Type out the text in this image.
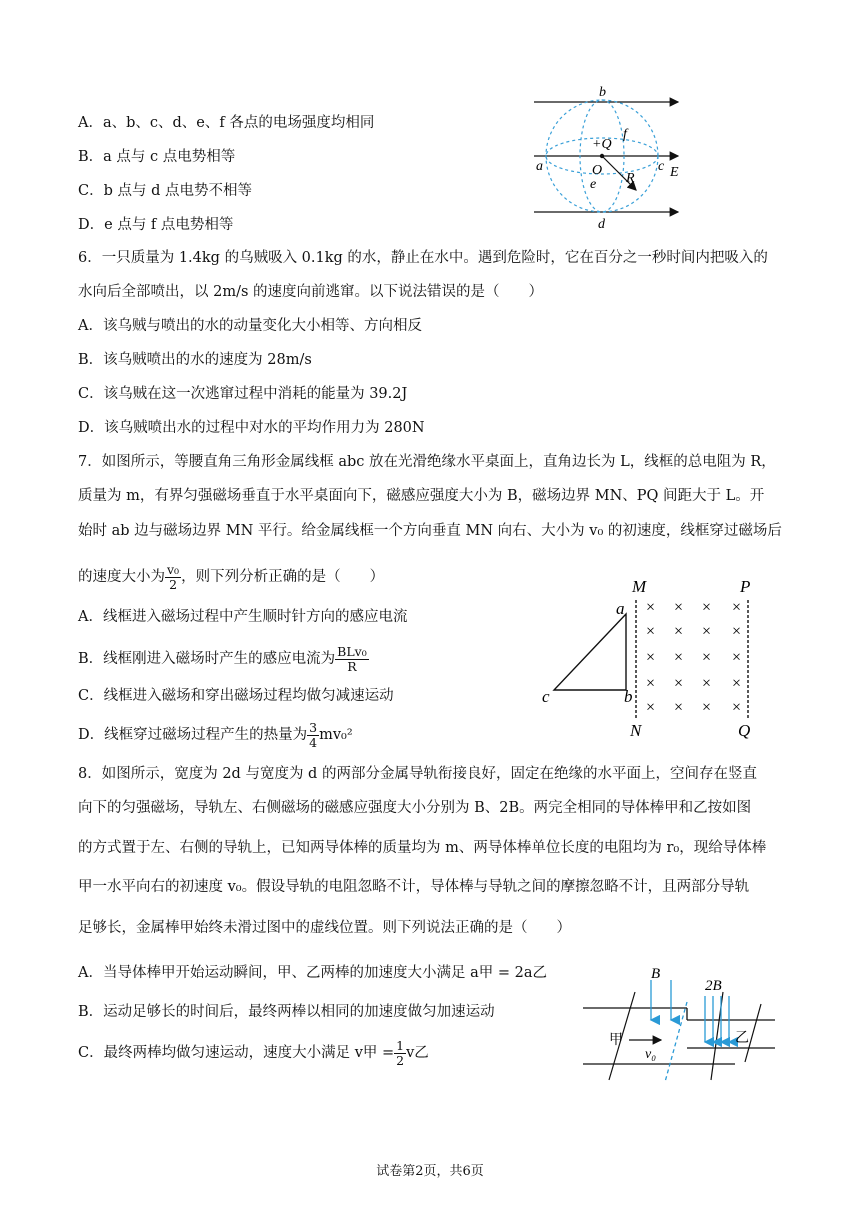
A．a、b、c、d、e、f 各点的电场强度均相同
B．a 点与 c 点电势相等
C．b 点与 d 点电势不相等
D．e 点与 f 点电势相等
b
+Q
f
a	O	c E
e R
d
6．一只质量为 1.4kg 的乌贼吸入 0.1kg 的水，静止在水中。遇到危险时，它在百分之一秒时间内把吸入的
水向后全部喷出，以 2m/s 的速度向前逃窜。以下说法错误的是（　　）
A．该乌贼与喷出的水的动量变化大小相等、方向相反
B．该乌贼喷出的水的速度为 28m/s
C．该乌贼在这一次逃窜过程中消耗的能量为 39.2J
D．该乌贼喷出水的过程中对水的平均作用力为 280N
7．如图所示，等腰直角三角形金属线框 abc 放在光滑绝缘水平桌面上，直角边长为 L，线框的总电阻为 R，
质量为 m，有界匀强磁场垂直于水平桌面向下，磁感应强度大小为 B，磁场边界 MN、PQ 间距大于 L。开
始时 ab 边与磁场边界 MN 平行。给金属线框一个方向垂直 MN 向右、大小为 v₀ 的初速度，线框穿过磁场后
的速度大小为 $\frac{\text{v₀}}{2}$ ，则下列分析正确的是（　　）
A．线框进入磁场过程中产生顺时针方向的感应电流
B．线框刚进入磁场时产生的感应电流为 $\frac{\text{BLv₀}}{R}$
C．线框进入磁场和穿出磁场过程均做匀减速运动
D．线框穿过磁场过程产生的热量为 $\frac{3}{4} mv_0^2$
M	P
a
c	b
N	Q
× × × ×
× × × ×
× × × ×
× × × ×
× × × ×
8．如图所示，宽度为 2d 与宽度为 d 的两部分金属导轨衔接良好，固定在绝缘的水平面上，空间存在竖直
向下的匀强磁场，导轨左、右侧磁场的磁感应强度大小分别为 B、2B。两完全相同的导体棒甲和乙按如图
的方式置于左、右侧的导轨上，已知两导体棒的质量均为 m、两导体棒单位长度的电阻均为 r₀，现给导体棒
甲一水平向右的初速度 v₀。假设导轨的电阻忽略不计，导体棒与导轨之间的摩擦忽略不计，且两部分导轨
足够长，金属棒甲始终未滑过图中的虚线位置。则下列说法正确的是（　　）
A．当导体棒甲开始运动瞬间，甲、乙两棒的加速度大小满足 a甲 = 2a乙
B．运动足够长的时间后，最终两棒以相同的加速度做匀加速运动
C．最终两棒均做匀速运动，速度大小满足 v甲 = $\frac{1}{2}$ v乙
B
2B
甲
v₀
乙
试卷第2页，共6页
